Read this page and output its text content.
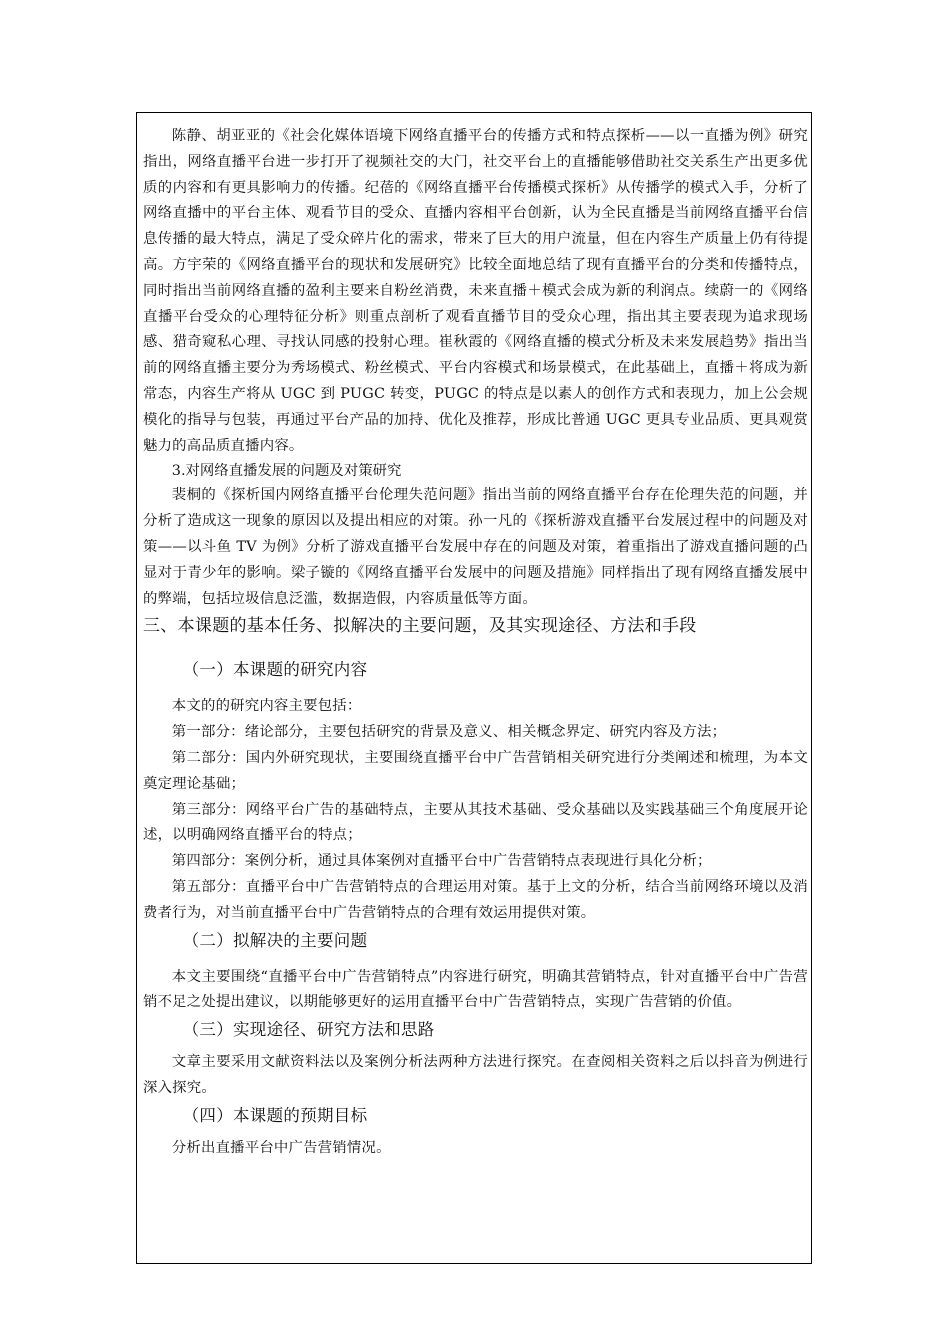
陈静、胡亚亚的《社会化媒体语境下网络直播平台的传播方式和特点探析——以一直播为例》研究指出，网络直播平台进一步打开了视频社交的大门，社交平台上的直播能够借助社交关系生产出更多优质的内容和有更具影响力的传播。纪蓓的《网络直播平台传播模式探析》从传播学的模式入手，分析了网络直播中的平台主体、观看节目的受众、直播内容相平台创新，认为全民直播是当前网络直播平台信息传播的最大特点，满足了受众碎片化的需求，带来了巨大的用户流量，但在内容生产质量上仍有待提高。方宇荣的《网络直播平台的现状和发展研究》比较全面地总结了现有直播平台的分类和传播特点，同时指出当前网络直播的盈利主要来自粉丝消费，未来直播＋模式会成为新的利润点。续蔚一的《网络直播平台受众的心理特征分析》则重点剖析了观看直播节目的受众心理，指出其主要表现为追求现场感、猎奇窥私心理、寻找认同感的投射心理。崔秋霞的《网络直播的模式分析及未来发展趋势》指出当前的网络直播主要分为秀场模式、粉丝模式、平台内容模式和场景模式，在此基础上，直播＋将成为新常态，内容生产将从 UGC 到 PUGC 转变，PUGC 的特点是以素人的创作方式和表现力，加上公会规模化的指导与包装，再通过平台产品的加持、优化及推荐，形成比普通 UGC 更具专业品质、更具观赏魅力的高品质直播内容。

3.对网络直播发展的问题及对策研究

裴桐的《探析国内网络直播平台伦理失范问题》指出当前的网络直播平台存在伦理失范的问题，并分析了造成这一现象的原因以及提出相应的对策。孙一凡的《探析游戏直播平台发展过程中的问题及对策——以斗鱼 TV 为例》分析了游戏直播平台发展中存在的问题及对策，着重指出了游戏直播问题的凸显对于青少年的影响。梁子镟的《网络直播平台发展中的问题及措施》同样指出了现有网络直播发展中的弊端，包括垃圾信息泛滥，数据造假，内容质量低等方面。

三、本课题的基本任务、拟解决的主要问题，及其实现途径、方法和手段

（一）本课题的研究内容

本文的的研究内容主要包括：

第一部分：绪论部分，主要包括研究的背景及意义、相关概念界定、研究内容及方法；

第二部分：国内外研究现状，主要围绕直播平台中广告营销相关研究进行分类阐述和梳理，为本文奠定理论基础；

第三部分：网络平台广告的基础特点，主要从其技术基础、受众基础以及实践基础三个角度展开论述，以明确网络直播平台的特点；

第四部分：案例分析，通过具体案例对直播平台中广告营销特点表现进行具化分析；

第五部分：直播平台中广告营销特点的合理运用对策。基于上文的分析，结合当前网络环境以及消费者行为，对当前直播平台中广告营销特点的合理有效运用提供对策。

（二）拟解决的主要问题

本文主要围绕“直播平台中广告营销特点”内容进行研究，明确其营销特点，针对直播平台中广告营销不足之处提出建议，以期能够更好的运用直播平台中广告营销特点，实现广告营销的价值。

（三）实现途径、研究方法和思路

文章主要采用文献资料法以及案例分析法两种方法进行探究。在查阅相关资料之后以抖音为例进行深入探究。

（四）本课题的预期目标

分析出直播平台中广告营销情况。
